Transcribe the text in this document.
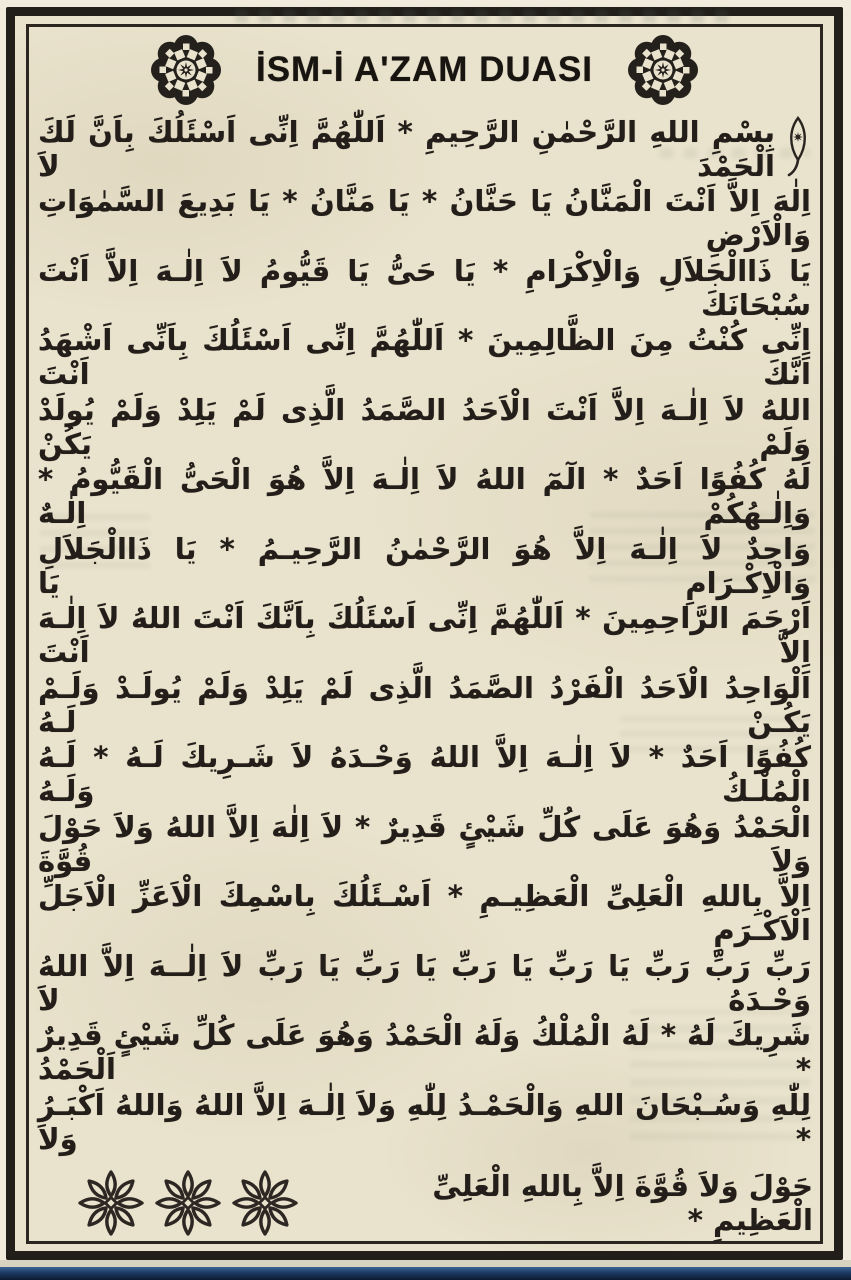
İSM-İ A'ZAM DUASI
بِسْمِ اللهِ الرَّحْمٰنِ الرَّحِيمِ * اَللّٰهُمَّ اِنِّى اَسْئَلُكَ بِاَنَّ لَكَ الْحَمْدَ لاَ
اِلٰهَ اِلاَّ اَنْتَ الْمَنَّانُ يَا حَنَّانُ * يَا مَنَّانُ * يَا بَدِيعَ السَّمٰوَاتِ وَالْاَرْضِ
يَا ذَاالْجَلاَلِ وَالْاِكْرَامِ * يَا حَىُّ يَا قَيُّومُ لاَ اِلٰـهَ اِلاَّ اَنْتَ سُبْحَانَكَ
اِنِّى كُنْتُ مِنَ الظَّالِمِينَ * اَللّٰهُمَّ اِنِّى اَسْئَلُكَ بِاَنِّى اَشْهَدُ اَنَّكَ اَنْتَ
اللهُ لاَ اِلٰـهَ اِلاَّ اَنْتَ الْاَحَدُ الصَّمَدُ الَّذِى لَمْ يَلِدْ وَلَمْ يُولَدْ وَلَمْ يَكُنْ
لَهُ كُفُوًا اَحَدٌ * الٓمٓ اللهُ لاَ اِلٰـهَ اِلاَّ هُوَ الْحَىُّ الْقَيُّومُ * وَاِلٰـهُكُمْ اِلٰـهٌ
وَاحِدٌ لاَ اِلٰـهَ اِلاَّ هُوَ الرَّحْمٰنُ الرَّحِيـمُ * يَا ذَاالْجَلاَلِ وَالْاِكْـرَامِ يَا
اَرْحَمَ الرَّاحِمِينَ * اَللّٰهُمَّ اِنِّى اَسْئَلُكَ بِاَنَّكَ اَنْتَ اللهُ لاَ اِلٰـهَ اِلاَّ اَنْتَ
اَلْوَاحِدُ الْاَحَدُ الْفَرْدُ الصَّمَدُ الَّذِى لَمْ يَلِدْ وَلَمْ يُولَـدْ وَلَـمْ يَكُـنْ لَـهُ
كُفُوًا اَحَدٌ * لاَ اِلٰـهَ اِلاَّ اللهُ وَحْـدَهُ لاَ شَـرِيكَ لَـهُ * لَـهُ الْمُلْـكُ وَلَـهُ
الْحَمْدُ وَهُوَ عَلَى كُلِّ شَيْئٍ قَدِيرٌ * لاَ اِلٰهَ اِلاَّ اللهُ وَلاَ حَوْلَ وَلاَ قُوَّةَ
اِلاَّ بِاللهِ الْعَلِىِّ الْعَظِيـمِ * اَسْـئَلُكَ بِاسْمِكَ الْاَعَزِّ الْاَجَلِّ الْاَكْـرَمِ
رَبِّ رَبِّ رَبِّ يَا رَبِّ يَا رَبِّ يَا رَبِّ يَا رَبِّ لاَ اِلٰــهَ اِلاَّ اللهُ وَحْـدَهُ لاَ
شَرِيكَ لَهُ * لَهُ الْمُلْكُ وَلَهُ الْحَمْدُ وَهُوَ عَلَى كُلِّ شَيْئٍ قَدِيرٌ * اَلْحَمْدُ
لِلّٰهِ وَسُـبْحَانَ اللهِ وَالْحَمْـدُ لِلّٰهِ وَلاَ اِلٰـهَ اِلاَّ اللهُ وَاللهُ اَكْبَـرُ * وَلاَ
حَوْلَ وَلاَ قُوَّةَ اِلاَّ بِاللهِ الْعَلِىِّ الْعَظِيمِ *
